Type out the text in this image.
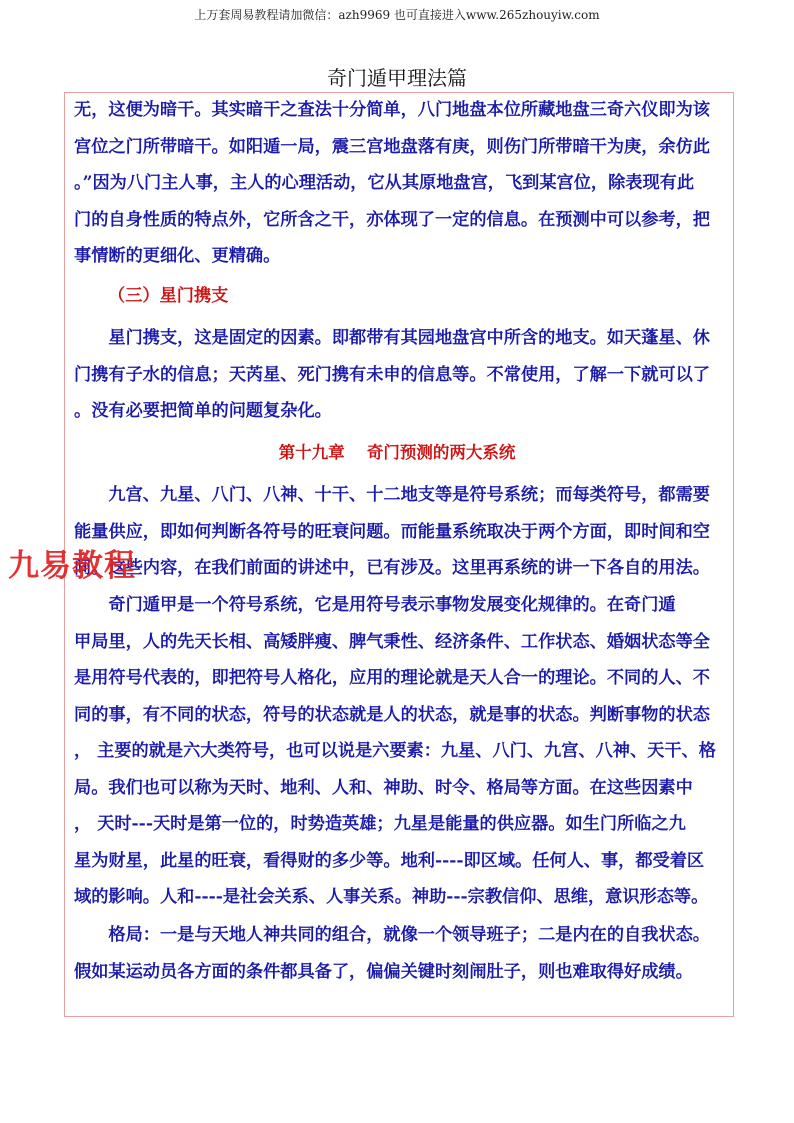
上万套周易教程请加微信：azh9969 也可直接进入www.265zhouyiw.com
奇门遁甲理法篇
无，这便为暗干。其实暗干之查法十分简单，八门地盘本位所藏地盘三奇六仪即为该
宫位之门所带暗干。如阳遁一局，震三宫地盘落有庚，则伤门所带暗干为庚，余仿此
。”因为八门主人事，主人的心理活动，它从其原地盘宫，飞到某宫位，除表现有此
门的自身性质的特点外，它所含之干，亦体现了一定的信息。在预测中可以参考，把
事情断的更细化、更精确。
（三）星门携支
　　星门携支，这是固定的因素。即都带有其园地盘宫中所含的地支。如天蓬星、休
门携有子水的信息；天芮星、死门携有未申的信息等。不常使用，了解一下就可以了
。没有必要把简单的问题复杂化。
第十九章　 奇门预测的两大系统
　　九宫、九星、八门、八神、十干、十二地支等是符号系统；而每类符号，都需要
能量供应，即如何判断各符号的旺衰问题。而能量系统取决于两个方面，即时间和空
间。这些内容，在我们前面的讲述中，已有涉及。这里再系统的讲一下各自的用法。
　　奇门遁甲是一个符号系统，它是用符号表示事物发展变化规律的。在奇门遁
甲局里，人的先天长相、高矮胖瘦、脾气秉性、经济条件、工作状态、婚姻状态等全
是用符号代表的，即把符号人格化，应用的理论就是天人合一的理论。不同的人、不
同的事，有不同的状态，符号的状态就是人的状态，就是事的状态。判断事物的状态
， 主要的就是六大类符号，也可以说是六要素：九星、八门、九宫、八神、天干、格
局。我们也可以称为天时、地利、人和、神助、时令、格局等方面。在这些因素中
， 天时---天时是第一位的，时势造英雄；九星是能量的供应器。如生门所临之九
星为财星，此星的旺衰，看得财的多少等。地利----即区域。任何人、事，都受着区
域的影响。人和----是社会关系、人事关系。神助---宗教信仰、思维，意识形态等。
　　格局：一是与天地人神共同的组合，就像一个领导班子；二是内在的自我状态。
假如某运动员各方面的条件都具备了，偏偏关键时刻闹肚子，则也难取得好成绩。
九易教程
